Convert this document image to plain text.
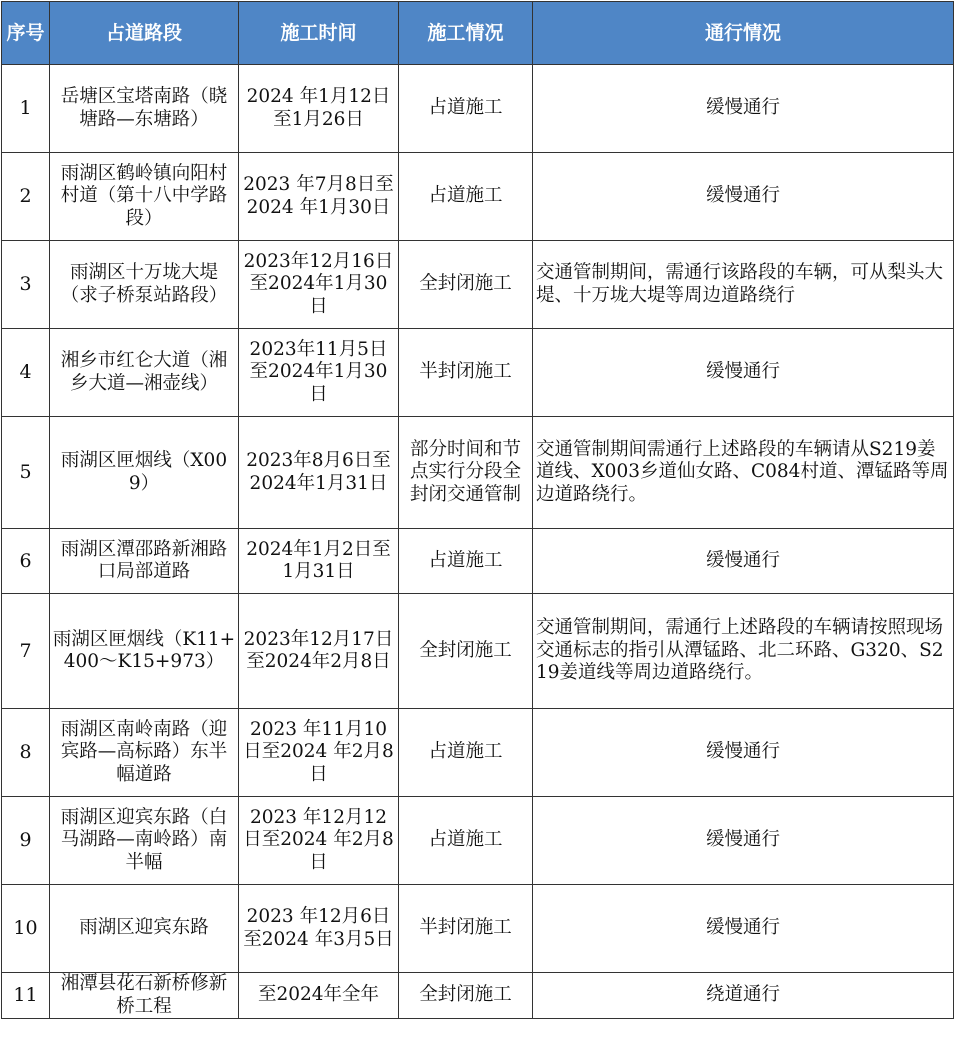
序号	占道路段	施工时间	施工情况	通行情况
1	岳塘区宝塔南路（晓塘路—东塘路）	2024 年1月12日至1月26日	占道施工	缓慢通行
2	雨湖区鹤岭镇向阳村村道（第十八中学路段）	2023 年7月8日至2024 年1月30日	占道施工	缓慢通行
3	雨湖区十万垅大堤（求子桥泵站路段）	2023年12月16日至2024年1月30日	全封闭施工	交通管制期间，需通行该路段的车辆，可从梨头大堤、十万垅大堤等周边道路绕行
4	湘乡市红仑大道（湘乡大道—湘壶线）	2023年11月5日至2024年1月30日	半封闭施工	缓慢通行
5	雨湖区匣烟线（X009）	2023年8月6日至2024年1月31日	部分时间和节点实行分段全封闭交通管制	交通管制期间需通行上述路段的车辆请从S219姜道线、X003乡道仙女路、C084村道、潭锰路等周边道路绕行。
6	雨湖区潭邵路新湘路口局部道路	2024年1月2日至1月31日	占道施工	缓慢通行
7	雨湖区匣烟线（K11+400～K15+973）	2023年12月17日至2024年2月8日	全封闭施工	交通管制期间，需通行上述路段的车辆请按照现场交通标志的指引从潭锰路、北二环路、G320、S219姜道线等周边道路绕行。
8	雨湖区南岭南路（迎宾路—高标路）东半幅道路	2023 年11月10日至2024 年2月8日	占道施工	缓慢通行
9	雨湖区迎宾东路（白马湖路—南岭路）南半幅	2023 年12月12日至2024 年2月8日	占道施工	缓慢通行
10	雨湖区迎宾东路	2023 年12月6日至2024 年3月5日	半封闭施工	缓慢通行
11	湘潭县花石新桥修新桥工程	至2024年全年	全封闭施工	绕道通行
